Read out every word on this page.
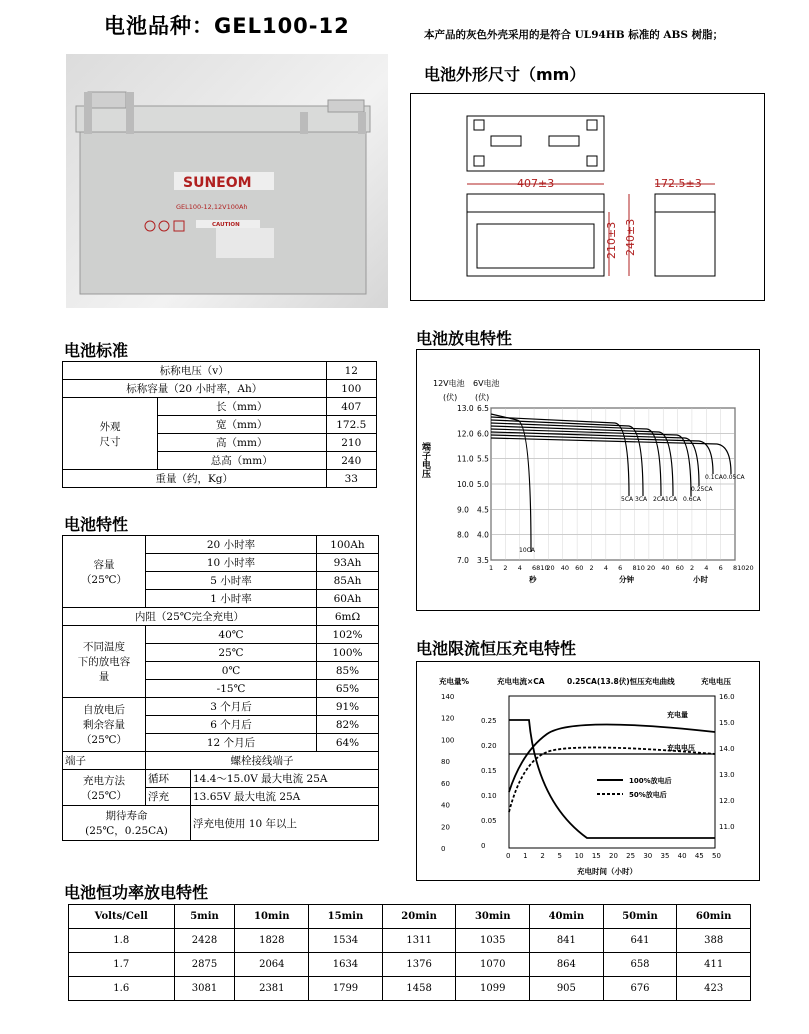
电池品种：GEL100-12	本产品的灰色外壳采用的是符合 UL94HB 标准的 ABS 树脂；
SUNEOM
GEL100-12,12V100Ah
CAUTION
电池外形尺寸（mm）
407±3
210±3 240±3
172.5±3
电池标准
标称电压（v）		12
标称容量（20 小时率，Ah）		100
外观
尺寸	长（mm）	407
	宽（mm）	172.5
	高（mm）	210
	总高（mm）	240
重量（约，Kg）		33
电池特性
容量
（25℃）	20 小时率		100Ah
	10 小时率		93Ah
	5 小时率		85Ah
	1 小时率		60Ah
内阻（25℃完全充电）			6mΩ
不同温度
下的放电容
量	40℃		102%
	25℃		100%
	0℃		85%
	-15℃		65%
自放电后
剩余容量
（25℃）	3 个月后		91%
	6 个月后		82%
	12 个月后		64%
端子	螺栓接线端子		
充电方法
（25℃）	循环	14.4～15.0V 最大电流 25A	
	浮充	13.65V 最大电流 25A	
期待寿命
(25℃，0.25CA)		浮充电使用 10 年以上	
电池放电特性
12V电池 6V电池
(伏) (伏)
端子电压
13.0 6.5
12.0 6.0
11.0 5.5
10.0 5.0
9.0 4.5
8.0 4.0
7.0 3.5
1 2 4 6810
20 40 60 2 4 6 810 20 40 60 2 4 6 81020
秒	分钟	小时
10CA
5CA 3CA 2CA 1CA 0.6CA
0.25CA
0.1CA 0.05CA
电池限流恒压充电特性
充电量%	充电电流×CA	0.25CA(13.8伏)恒压充电曲线	充电电压
充电时间（小时）
充电量
充电电压
100%放电后
50%放电后
140
120
100
80
60
40
20
0
0.25
0.20
0.15
0.10
0.05
0
16.0
15.0
14.0
13.0
12.0
11.0
0 1 2 5 10 15 20 25 30 35 40 45 50
电池恒功率放电特性
Volts/Cell	5min	10min	15min	20min	30min	40min	50min	60min
1.8	2428	1828	1534	1311	1035	841	641	388
1.7	2875	2064	1634	1376	1070	864	658	411
1.6	3081	2381	1799	1458	1099	905	676	423
